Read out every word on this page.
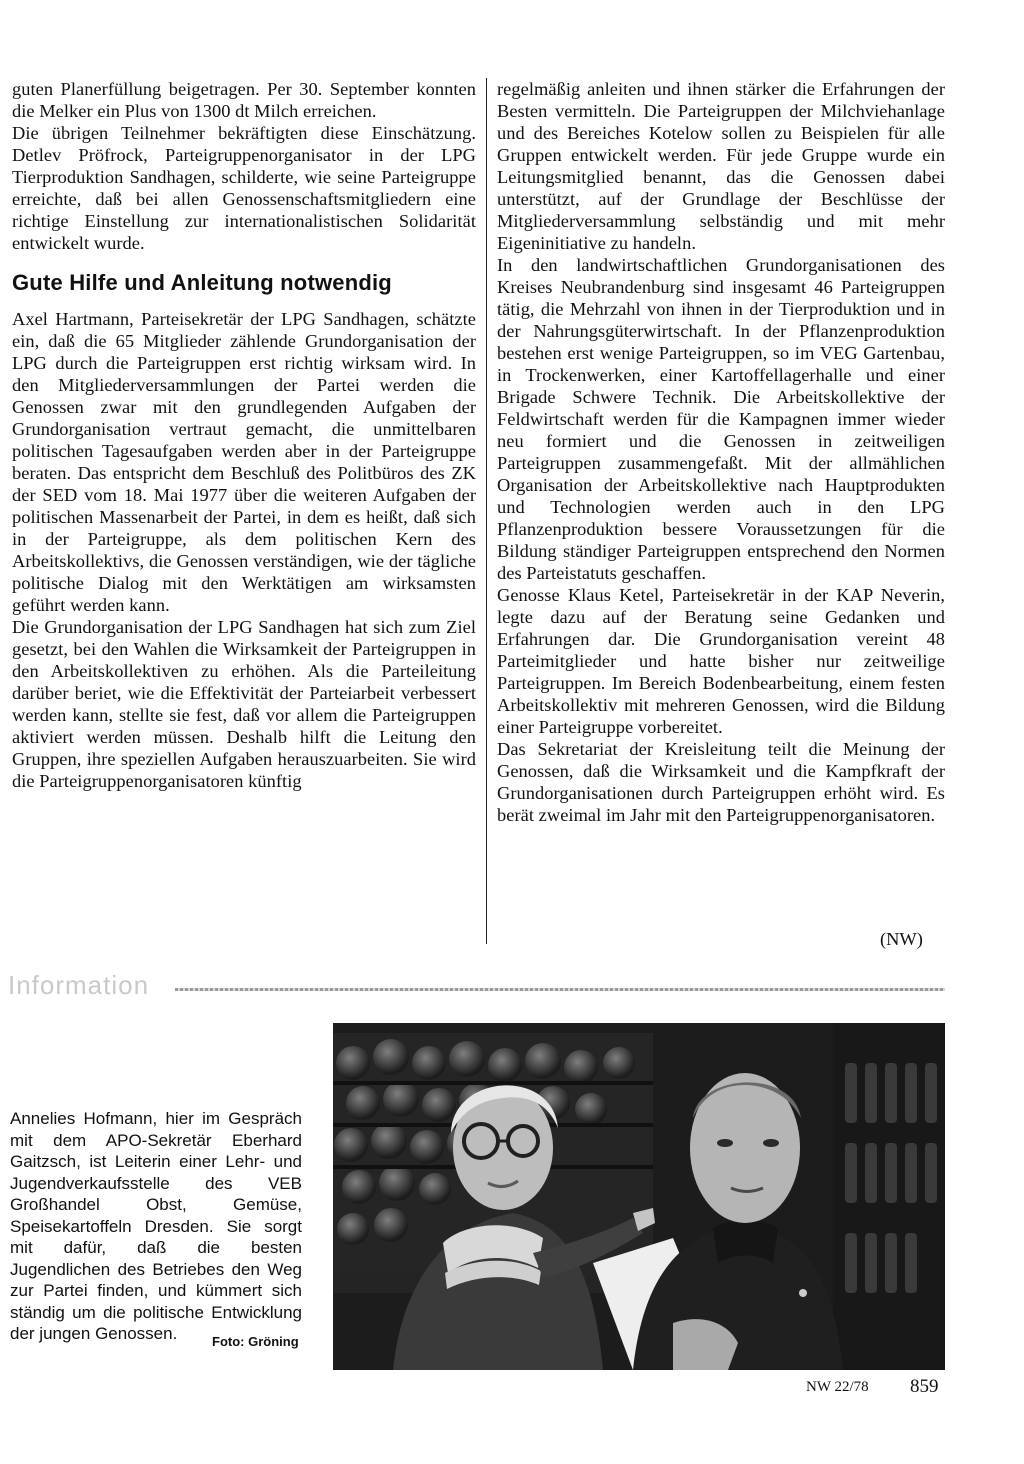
guten Planerfüllung beigetragen. Per 30. September konnten die Melker ein Plus von 1300 dt Milch erreichen.

Die übrigen Teilnehmer bekräftigten diese Einschätzung. Detlev Pröfrock, Parteigruppenorganisator in der LPG Tierproduktion Sandhagen, schilderte, wie seine Parteigruppe erreichte, daß bei allen Genossenschaftsmitgliedern eine richtige Einstellung zur internationalistischen Solidarität entwickelt wurde.

Gute Hilfe und Anleitung notwendig

Axel Hartmann, Parteisekretär der LPG Sandhagen, schätzte ein, daß die 65 Mitglieder zählende Grundorganisation der LPG durch die Parteigruppen erst richtig wirksam wird. In den Mitgliederversammlungen der Partei werden die Genossen zwar mit den grundlegenden Aufgaben der Grundorganisation vertraut gemacht, die unmittelbaren politischen Tagesaufgaben werden aber in der Parteigruppe beraten. Das entspricht dem Beschluß des Politbüros des ZK der SED vom 18. Mai 1977 über die weiteren Aufgaben der politischen Massenarbeit der Partei, in dem es heißt, daß sich in der Parteigruppe, als dem politischen Kern des Arbeitskollektivs, die Genossen verständigen, wie der tägliche politische Dialog mit den Werktätigen am wirksamsten geführt werden kann.

Die Grundorganisation der LPG Sandhagen hat sich zum Ziel gesetzt, bei den Wahlen die Wirksamkeit der Parteigruppen in den Arbeitskollektiven zu erhöhen. Als die Parteileitung darüber beriet, wie die Effektivität der Parteiarbeit verbessert werden kann, stellte sie fest, daß vor allem die Parteigruppen aktiviert werden müssen. Deshalb hilft die Leitung den Gruppen, ihre speziellen Aufgaben herauszuarbeiten. Sie wird die Parteigruppenorganisatoren künftig

regelmäßig anleiten und ihnen stärker die Erfahrungen der Besten vermitteln. Die Parteigruppen der Milchviehanlage und des Bereiches Kotelow sollen zu Beispielen für alle Gruppen entwickelt werden. Für jede Gruppe wurde ein Leitungsmitglied benannt, das die Genossen dabei unterstützt, auf der Grundlage der Beschlüsse der Mitgliederversammlung selbständig und mit mehr Eigeninitiative zu handeln.

In den landwirtschaftlichen Grundorganisationen des Kreises Neubrandenburg sind insgesamt 46 Parteigruppen tätig, die Mehrzahl von ihnen in der Tierproduktion und in der Nahrungsgüterwirtschaft. In der Pflanzenproduktion bestehen erst wenige Parteigruppen, so im VEG Gartenbau, in Trockenwerken, einer Kartoffellagerhalle und einer Brigade Schwere Technik. Die Arbeitskollektive der Feldwirtschaft werden für die Kampagnen immer wieder neu formiert und die Genossen in zeitweiligen Parteigruppen zusammengefaßt. Mit der allmählichen Organisation der Arbeitskollektive nach Hauptprodukten und Technologien werden auch in den LPG Pflanzenproduktion bessere Voraussetzungen für die Bildung ständiger Parteigruppen entsprechend den Normen des Parteistatuts geschaffen.

Genosse Klaus Ketel, Parteisekretär in der KAP Neverin, legte dazu auf der Beratung seine Gedanken und Erfahrungen dar. Die Grundorganisation vereint 48 Parteimitglieder und hatte bisher nur zeitweilige Parteigruppen. Im Bereich Bodenbearbeitung, einem festen Arbeitskollektiv mit mehreren Genossen, wird die Bildung einer Parteigruppe vorbereitet.

Das Sekretariat der Kreisleitung teilt die Meinung der Genossen, daß die Wirksamkeit und die Kampfkraft der Grundorganisationen durch Parteigruppen erhöht wird. Es berät zweimal im Jahr mit den Parteigruppenorganisatoren.

(NW)
Information
Annelies Hofmann, hier im Gespräch mit dem APO-Sekretär Eberhard Gaitzsch, ist Leiterin einer Lehr- und Jugendverkaufsstelle des VEB Großhandel Obst, Gemüse, Speisekartoffeln Dresden. Sie sorgt mit dafür, daß die besten Jugendlichen des Betriebes den Weg zur Partei finden, und kümmert sich ständig um die politische Entwicklung der jungen Genossen.	Foto: Gröning
NW 22/78 859
